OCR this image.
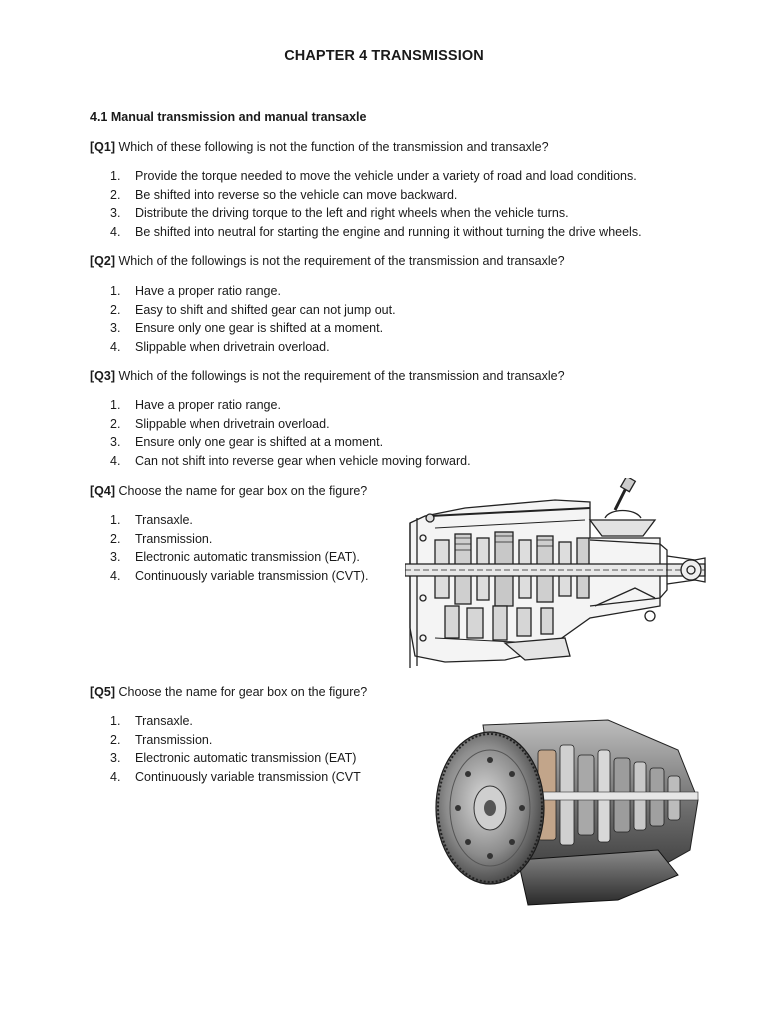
CHAPTER 4 TRANSMISSION
4.1 Manual transmission and manual transaxle
[Q1] Which of these following is not the function of the transmission and transaxle?
1. Provide the torque needed to move the vehicle under a variety of road and load conditions.
2. Be shifted into reverse so the vehicle can move backward.
3. Distribute the driving torque to the left and right wheels when the vehicle turns.
4. Be shifted into neutral for starting the engine and running it without turning the drive wheels.
[Q2] Which of the followings is not the requirement of the transmission and transaxle?
1. Have a proper ratio range.
2. Easy to shift and shifted gear can not jump out.
3. Ensure only one gear is shifted at a moment.
4. Slippable when drivetrain overload.
[Q3] Which of the followings is not the requirement of the transmission and transaxle?
1. Have a proper ratio range.
2. Slippable when drivetrain overload.
3. Ensure only one gear is shifted at a moment.
4. Can not shift into reverse gear when vehicle moving forward.
[Q4] Choose the name for gear box on the figure?
1. Transaxle.
2. Transmission.
3. Electronic automatic transmission (EAT).
4. Continuously variable transmission (CVT).
[Q5] Choose the name for gear box on the figure?
1. Transaxle.
2. Transmission.
3. Electronic automatic transmission (EAT)
4. Continuously variable transmission (CVT
